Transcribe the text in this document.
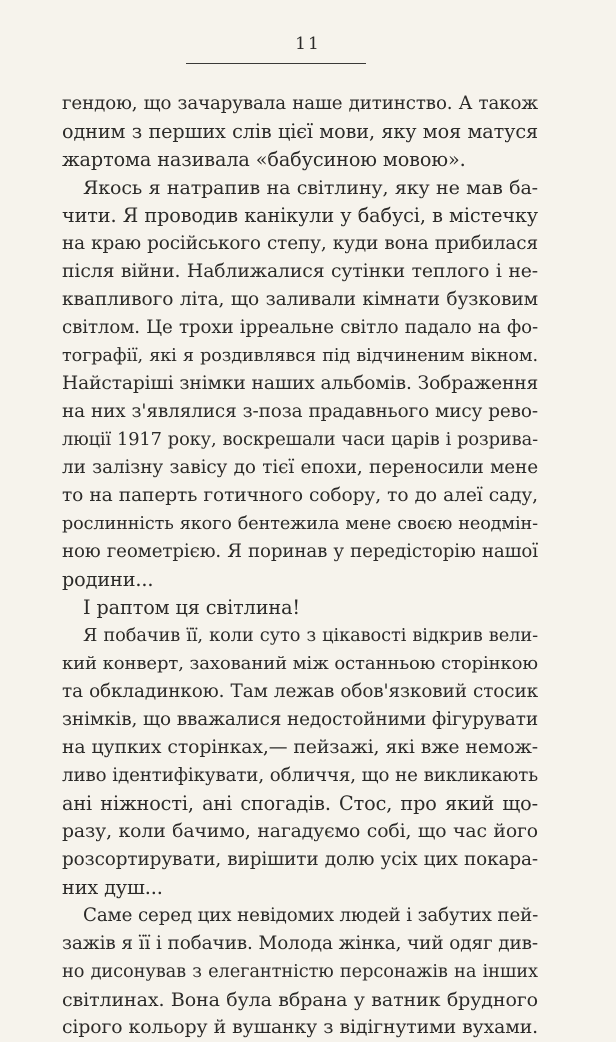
11
гендою, що зачарувала наше дитинство. А також
одним з перших слів цієї мови, яку моя матуся
жартома називала «бабусиною мовою».
Якось я натрапив на світлину, яку не мав ба-
чити. Я проводив канікули у бабусі, в містечку
на краю російського степу, куди вона прибилася
після війни. Наближалися сутінки теплого і не-
квапливого літа, що заливали кімнати бузковим
світлом. Це трохи ірреальне світло падало на фо-
тографії, які я роздивлявся під відчиненим вікном.
Найстаріші знімки наших альбомів. Зображення
на них з'являлися з-поза прадавнього мису рево-
люції 1917 року, воскрешали часи царів і розрива-
ли залізну завісу до тієї епохи, переносили мене
то на паперть готичного собору, то до алеї саду,
рослинність якого бентежила мене своєю неодмін-
ною геометрією. Я поринав у передісторію нашої
родини...
І раптом ця світлина!
Я побачив її, коли суто з цікавості відкрив вели-
кий конверт, захований між останньою сторінкою
та обкладинкою. Там лежав обов'язковий стосик
знімків, що вважалися недостойними фігурувати
на цупких сторінках,— пейзажі, які вже немож-
ливо ідентифікувати, обличчя, що не викликають
ані ніжності, ані спогадів. Стос, про який що-
разу, коли бачимо, нагадуємо собі, що час його
розсортирувати, вирішити долю усіх цих покара-
них душ...
Саме серед цих невідомих людей і забутих пей-
зажів я її і побачив. Молода жінка, чий одяг див-
но дисонував з елегантністю персонажів на інших
світлинах. Вона була вбрана у ватник брудного
сірого кольору й вушанку з відігнутими вухами.
